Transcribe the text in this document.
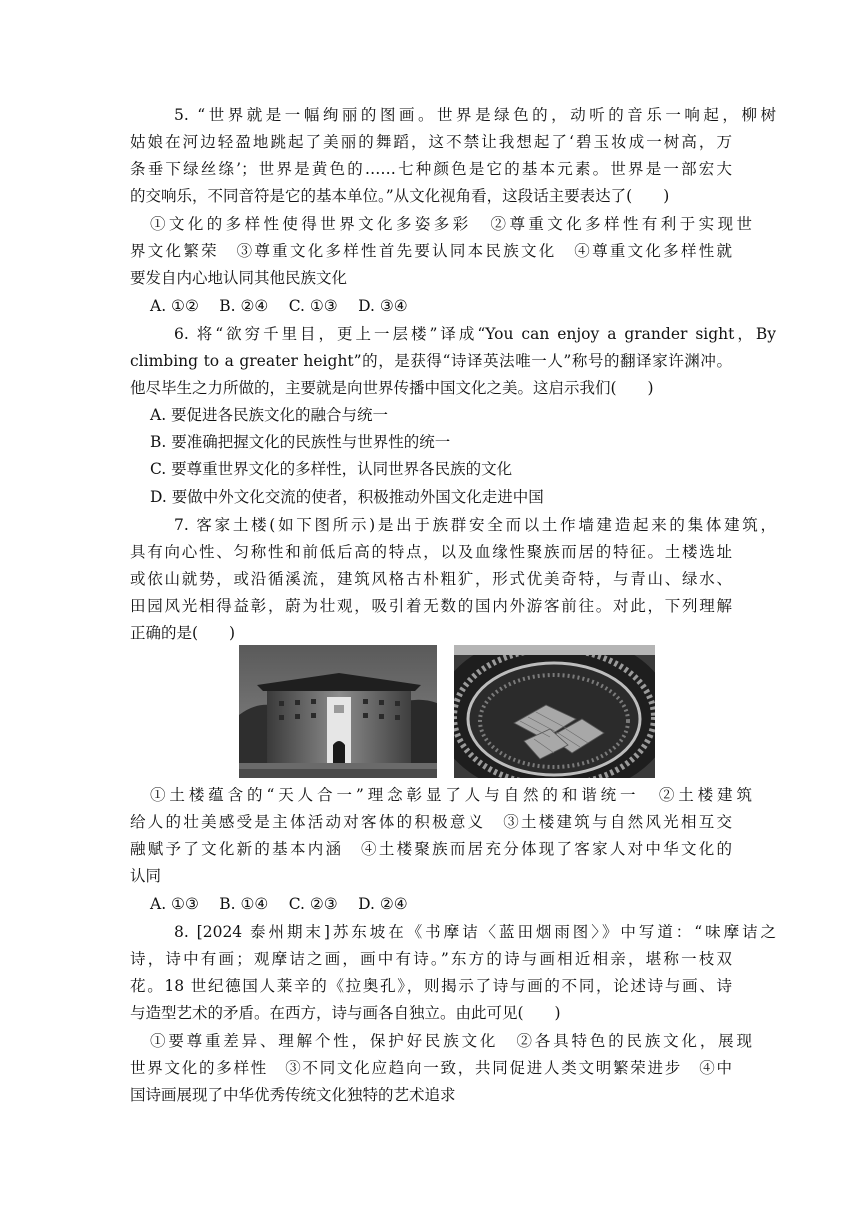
5. “世界就是一幅绚丽的图画。世界是绿色的，动听的音乐一响起，柳树
姑娘在河边轻盈地跳起了美丽的舞蹈，这不禁让我想起了‘碧玉妆成一树高，万
条垂下绿丝绦’；世界是黄色的……七种颜色是它的基本元素。世界是一部宏大
的交响乐，不同音符是它的基本单位。”从文化视角看，这段话主要表达了(　　)
①文化的多样性使得世界文化多姿多彩　②尊重文化多样性有利于实现世
界文化繁荣　③尊重文化多样性首先要认同本民族文化　④尊重文化多样性就
要发自内心地认同其他民族文化
A. ①②　 B. ②④　 C. ①③　 D. ③④
6. 将“欲穷千里目，更上一层楼”译成“You can enjoy a grander sight，By
climbing to a greater height”的，是获得“诗译英法唯一人”称号的翻译家许渊冲。
他尽毕生之力所做的，主要就是向世界传播中国文化之美。这启示我们(　　)
A. 要促进各民族文化的融合与统一
B. 要准确把握文化的民族性与世界性的统一
C. 要尊重世界文化的多样性，认同世界各民族的文化
D. 要做中外文化交流的使者，积极推动外国文化走进中国
7. 客家土楼(如下图所示)是出于族群安全而以土作墙建造起来的集体建筑，
具有向心性、匀称性和前低后高的特点，以及血缘性聚族而居的特征。土楼选址
或依山就势，或沿循溪流，建筑风格古朴粗犷，形式优美奇特，与青山、绿水、
田园风光相得益彰，蔚为壮观，吸引着无数的国内外游客前往。对此，下列理解
正确的是(　　)
①土楼蕴含的“天人合一”理念彰显了人与自然的和谐统一　②土楼建筑
给人的壮美感受是主体活动对客体的积极意义　③土楼建筑与自然风光相互交
融赋予了文化新的基本内涵　④土楼聚族而居充分体现了客家人对中华文化的
认同
A. ①③　 B. ①④　 C. ②③　 D. ②④
8. [2024 泰州期末]苏东坡在《书摩诘〈蓝田烟雨图〉》中写道：“味摩诘之
诗，诗中有画；观摩诘之画，画中有诗。”东方的诗与画相近相亲，堪称一枝双
花。18 世纪德国人莱辛的《拉奥孔》，则揭示了诗与画的不同，论述诗与画、诗
与造型艺术的矛盾。在西方，诗与画各自独立。由此可见(　　)
①要尊重差异、理解个性，保护好民族文化　②各具特色的民族文化，展现
世界文化的多样性　③不同文化应趋向一致，共同促进人类文明繁荣进步　④中
国诗画展现了中华优秀传统文化独特的艺术追求
